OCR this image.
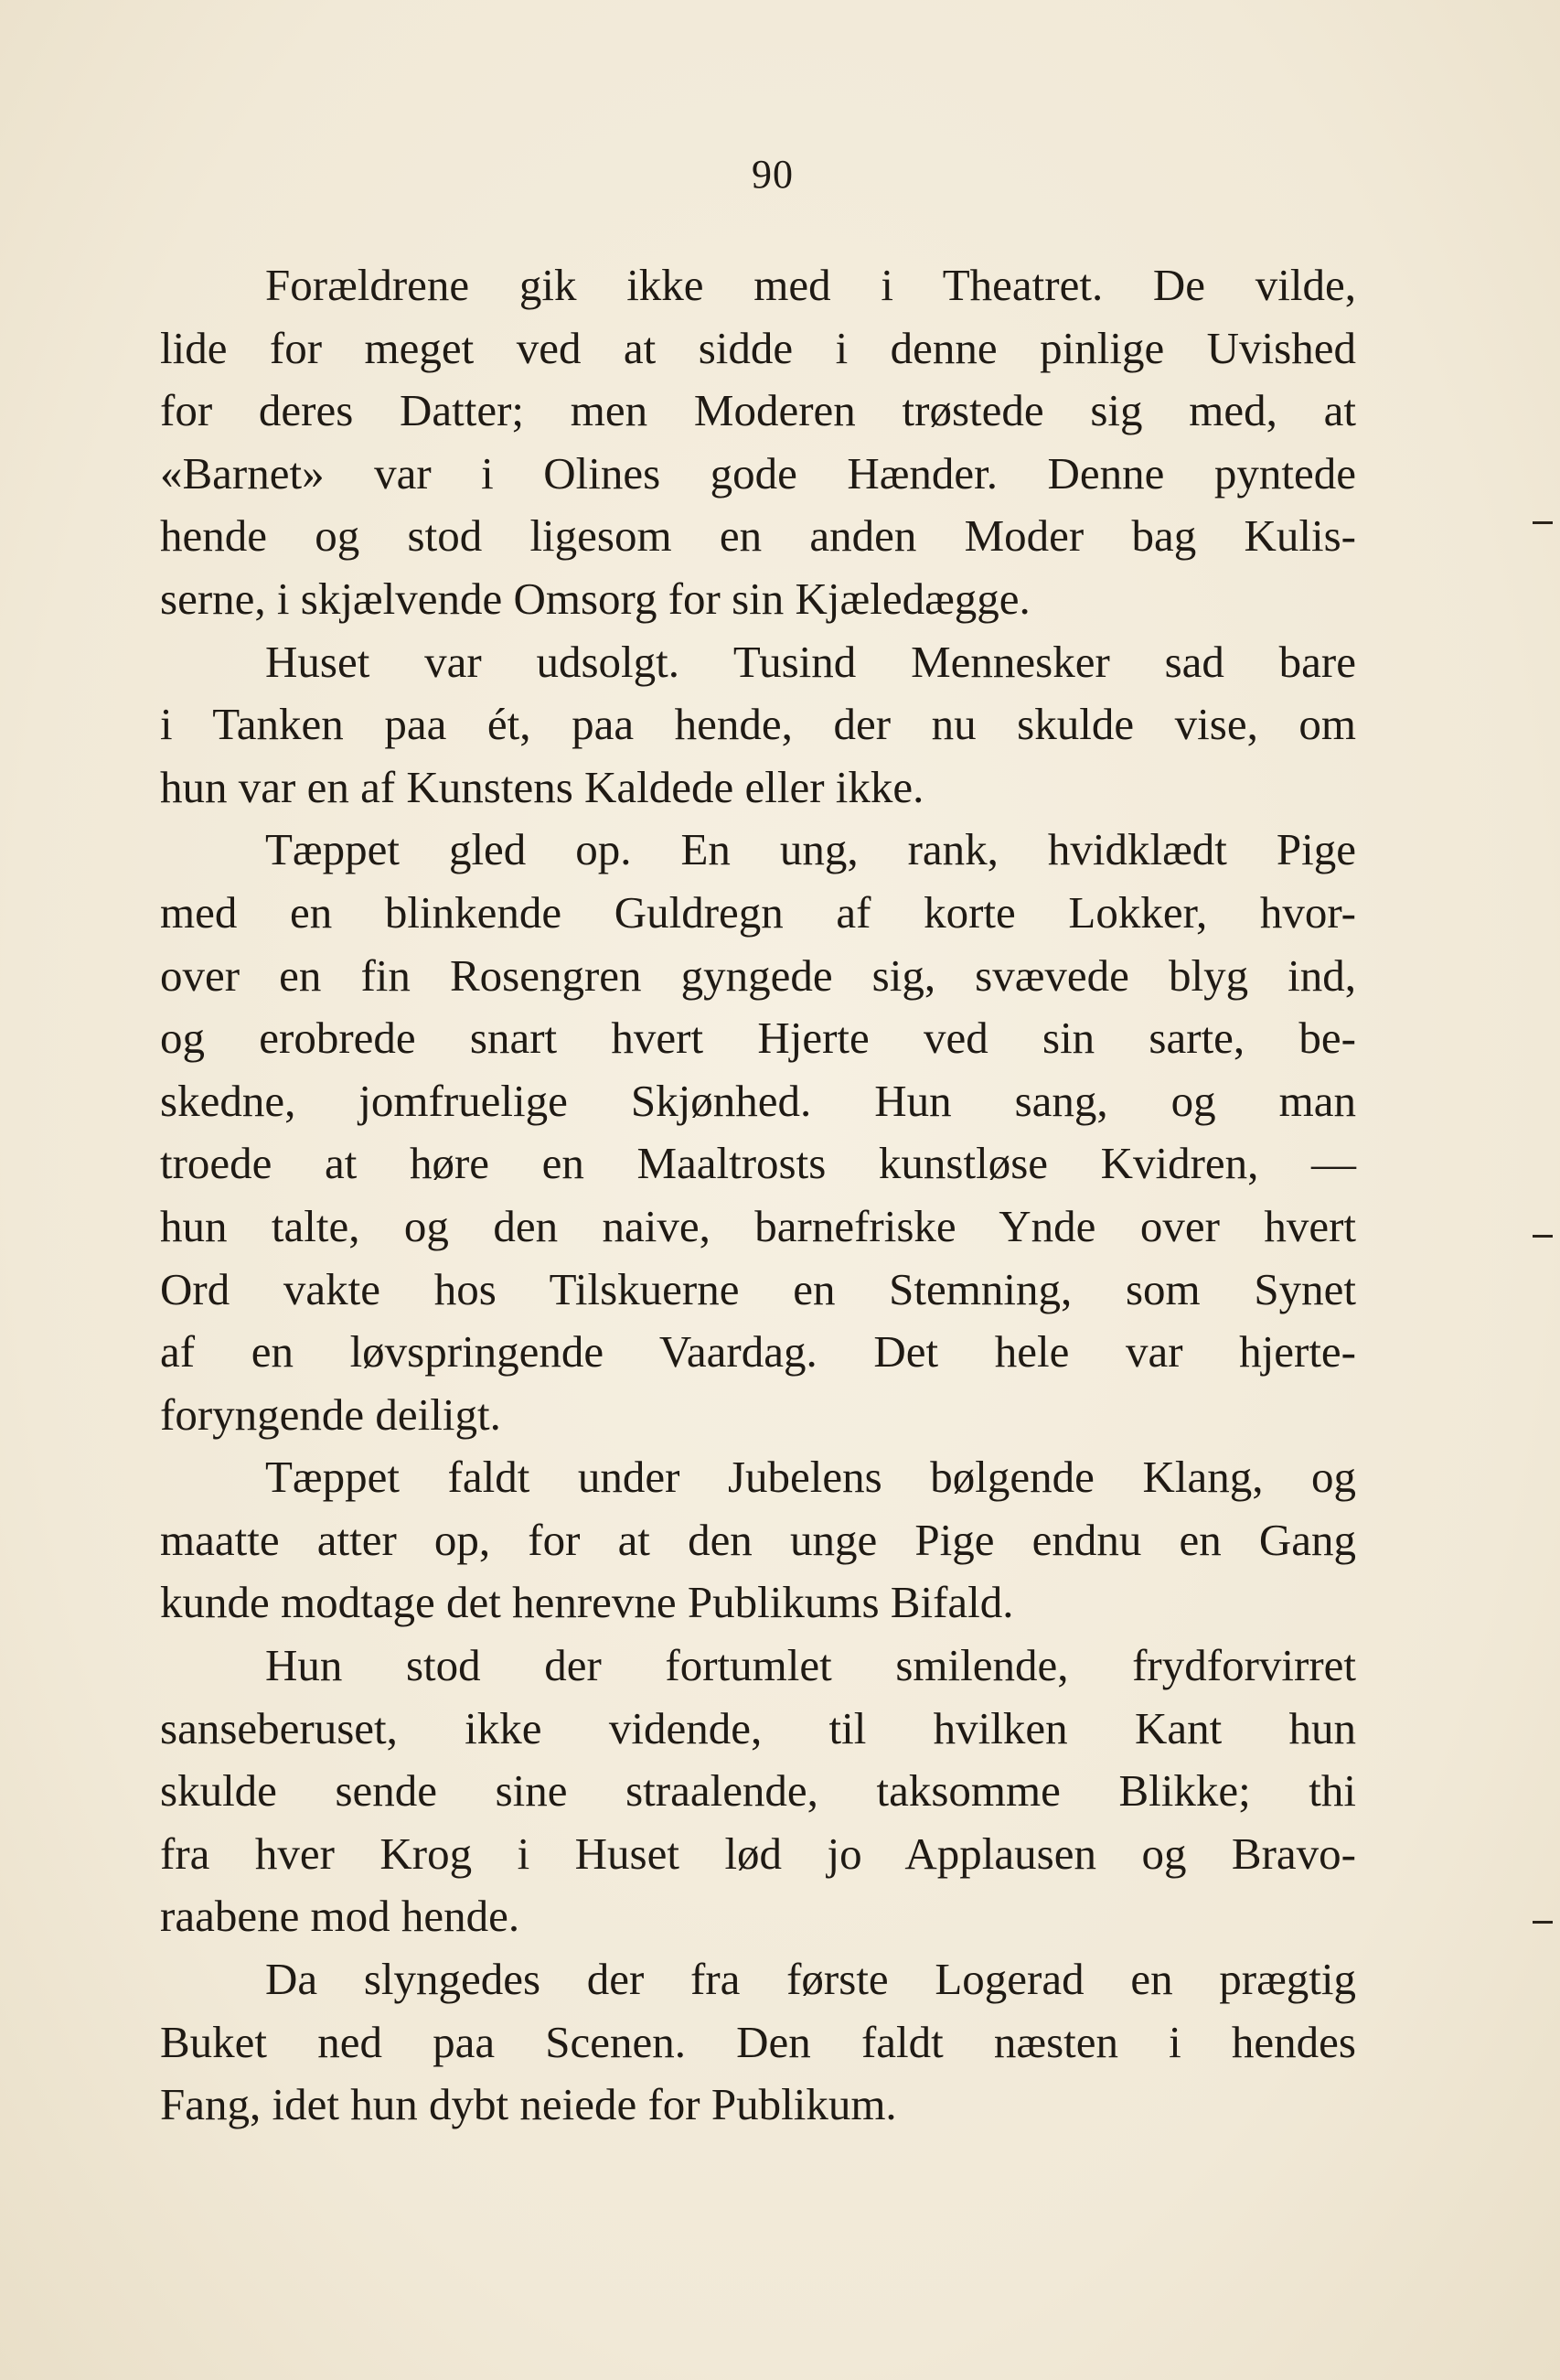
90
Forældrene gik ikke med i Theatret. De vilde,
lide for meget ved at sidde i denne pinlige Uvished
for deres Datter; men Moderen trøstede sig med, at
«Barnet» var i Olines gode Hænder. Denne pyntede
hende og stod ligesom en anden Moder bag Kulis-
serne, i skjælvende Omsorg for sin Kjæledægge.
Huset var udsolgt. Tusind Mennesker sad bare
i Tanken paa ét, paa hende, der nu skulde vise, om
hun var en af Kunstens Kaldede eller ikke.
Tæppet gled op. En ung, rank, hvidklædt Pige
med en blinkende Guldregn af korte Lokker, hvor-
over en fin Rosengren gyngede sig, svævede blyg ind,
og erobrede snart hvert Hjerte ved sin sarte, be-
skedne, jomfruelige Skjønhed. Hun sang, og man
troede at høre en Maaltrosts kunstløse Kvidren, —
hun talte, og den naive, barnefriske Ynde over hvert
Ord vakte hos Tilskuerne en Stemning, som Synet
af en løvspringende Vaardag. Det hele var hjerte-
foryngende deiligt.
Tæppet faldt under Jubelens bølgende Klang, og
maatte atter op, for at den unge Pige endnu en Gang
kunde modtage det henrevne Publikums Bifald.
Hun stod der fortumlet smilende, frydforvirret
sanseberuset, ikke vidende, til hvilken Kant hun
skulde sende sine straalende, taksomme Blikke; thi
fra hver Krog i Huset lød jo Applausen og Bravo-
raabene mod hende.
Da slyngedes der fra første Logerad en prægtig
Buket ned paa Scenen. Den faldt næsten i hendes
Fang, idet hun dybt neiede for Publikum.
